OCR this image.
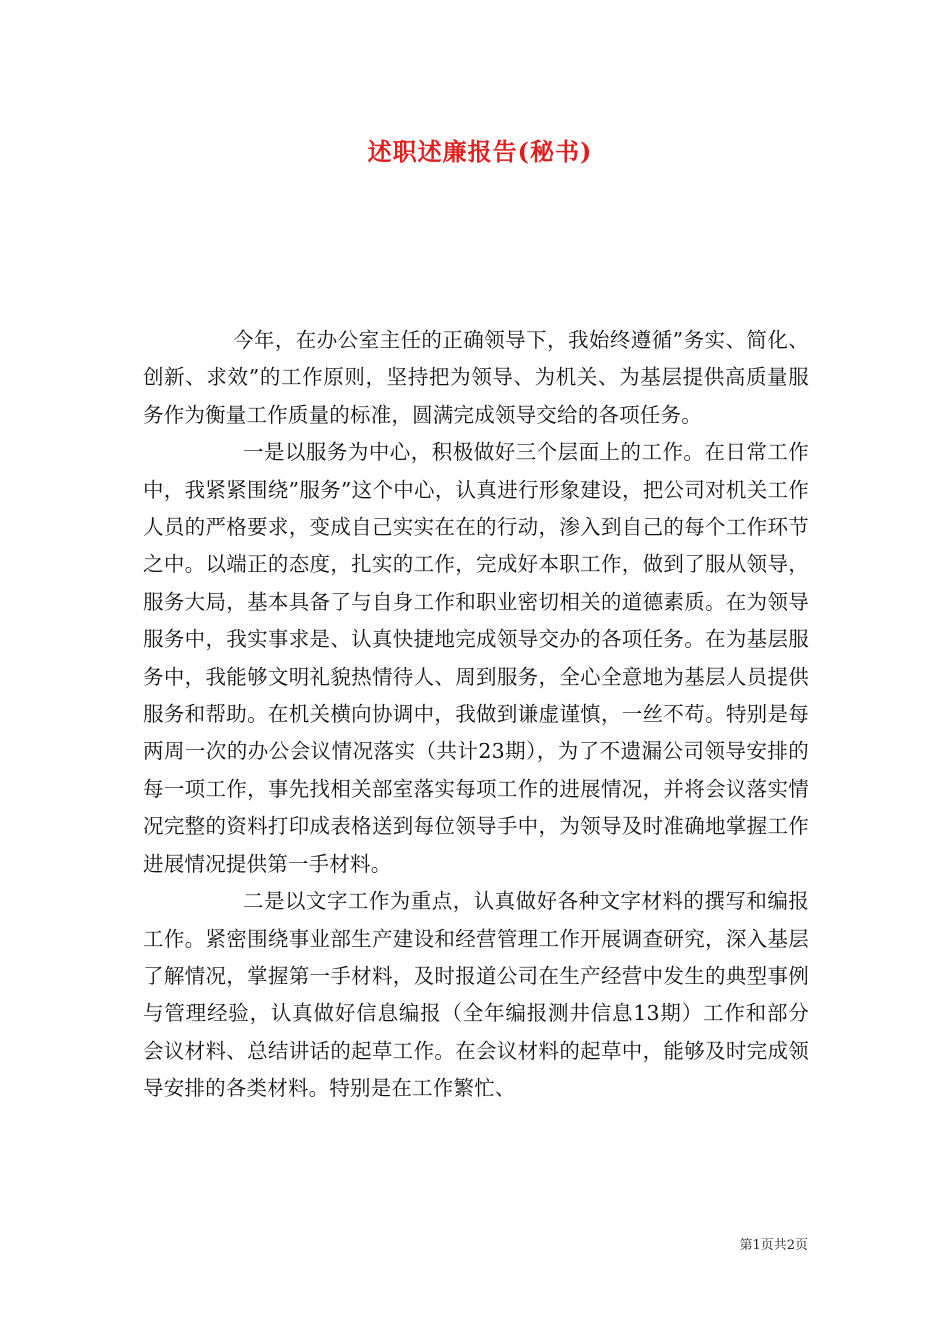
述职述廉报告(秘书)

今年，在办公室主任的正确领导下，我始终遵循”务实、简化、创新、求效”的工作原则，坚持把为领导、为机关、为基层提供高质量服务作为衡量工作质量的标准，圆满完成领导交给的各项任务。

一是以服务为中心，积极做好三个层面上的工作。在日常工作中，我紧紧围绕”服务”这个中心，认真进行形象建设，把公司对机关工作人员的严格要求，变成自己实实在在的行动，渗入到自己的每个工作环节之中。以端正的态度，扎实的工作，完成好本职工作，做到了服从领导，服务大局，基本具备了与自身工作和职业密切相关的道德素质。在为领导服务中，我实事求是、认真快捷地完成领导交办的各项任务。在为基层服务中，我能够文明礼貌热情待人、周到服务，全心全意地为基层人员提供服务和帮助。在机关横向协调中，我做到谦虚谨慎，一丝不苟。特别是每两周一次的办公会议情况落实（共计23期），为了不遗漏公司领导安排的每一项工作，事先找相关部室落实每项工作的进展情况，并将会议落实情况完整的资料打印成表格送到每位领导手中，为领导及时准确地掌握工作进展情况提供第一手材料。

二是以文字工作为重点，认真做好各种文字材料的撰写和编报工作。紧密围绕事业部生产建设和经营管理工作开展调查研究，深入基层了解情况，掌握第一手材料，及时报道公司在生产经营中发生的典型事例与管理经验，认真做好信息编报（全年编报测井信息13期）工作和部分会议材料、总结讲话的起草工作。在会议材料的起草中，能够及时完成领导安排的各类材料。特别是在工作繁忙、

第1页共2页
